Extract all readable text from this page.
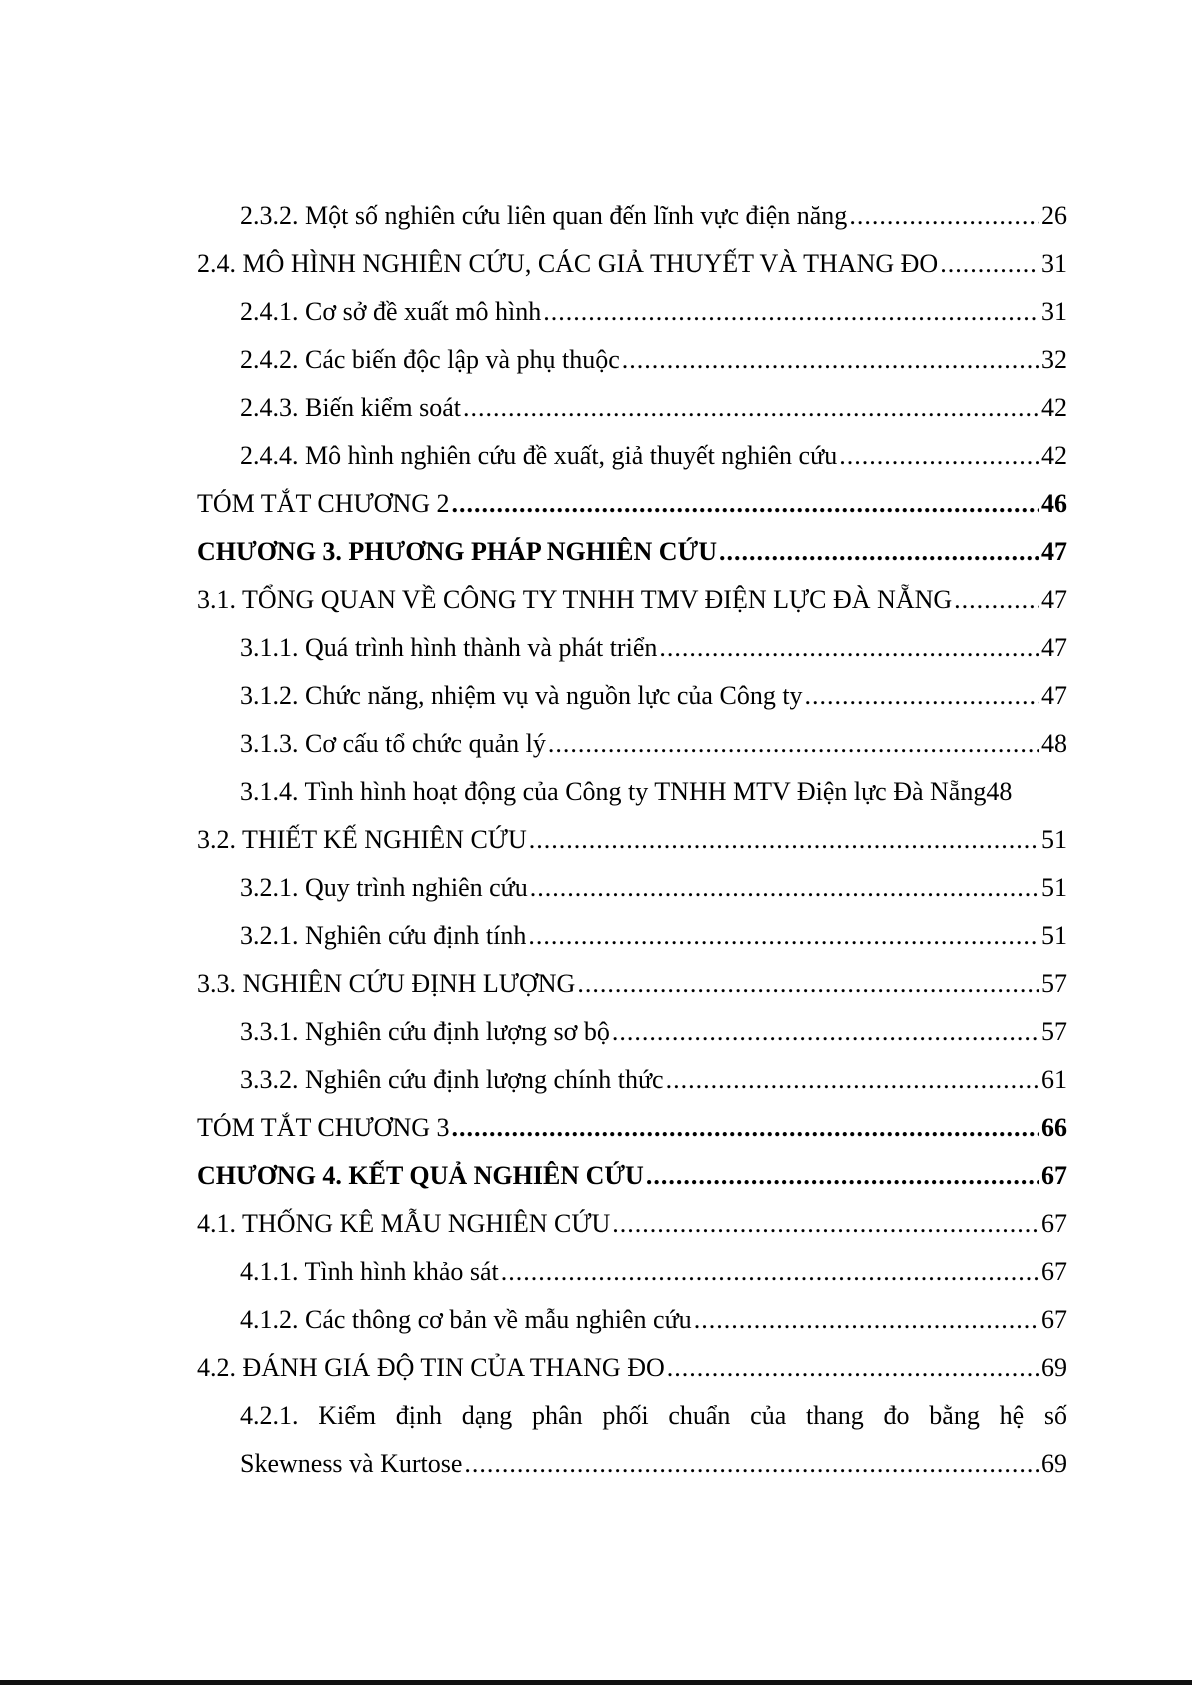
2.3.2. Một số nghiên cứu liên quan đến lĩnh vực điện năng .....	26
2.4. MÔ HÌNH NGHIÊN CỨU, CÁC GIẢ THUYẾT VÀ THANG ĐO .....	31
2.4.1. Cơ sở đề xuất mô hình .....	31
2.4.2. Các biến độc lập và phụ thuộc .....	32
2.4.3. Biến kiểm soát .....	42
2.4.4. Mô hình nghiên cứu đề xuất, giả thuyết nghiên cứu .....	42
TÓM TẮT CHƯƠNG 2 .....	46
CHƯƠNG 3. PHƯƠNG PHÁP NGHIÊN CỨU .....	47
3.1. TỔNG QUAN VỀ CÔNG TY TNHH TMV ĐIỆN LỰC ĐÀ NẴNG .....	47
3.1.1. Quá trình hình thành và phát triển .....	47
3.1.2. Chức năng, nhiệm vụ và nguồn lực của Công ty .....	47
3.1.3. Cơ cấu tổ chức quản lý .....	48
3.1.4. Tình hình hoạt động của Công ty TNHH MTV Điện lực Đà Nẵng 48
3.2. THIẾT KẾ NGHIÊN CỨU .....	51
3.2.1. Quy trình nghiên cứu .....	51
3.2.1. Nghiên cứu định tính .....	51
3.3. NGHIÊN CỨU ĐỊNH LƯỢNG .....	57
3.3.1. Nghiên cứu định lượng sơ bộ .....	57
3.3.2. Nghiên cứu định lượng chính thức .....	61
TÓM TẮT CHƯƠNG 3 .....	66
CHƯƠNG 4. KẾT QUẢ NGHIÊN CỨU .....	67
4.1. THỐNG KÊ MẪU NGHIÊN CỨU .....	67
4.1.1. Tình hình khảo sát .....	67
4.1.2. Các thông cơ bản về mẫu nghiên cứu .....	67
4.2. ĐÁNH GIÁ ĐỘ TIN CỦA THANG ĐO .....	69
4.2.1. Kiểm định dạng phân phối chuẩn của thang đo bằng hệ số
Skewness và Kurtose .....	69
